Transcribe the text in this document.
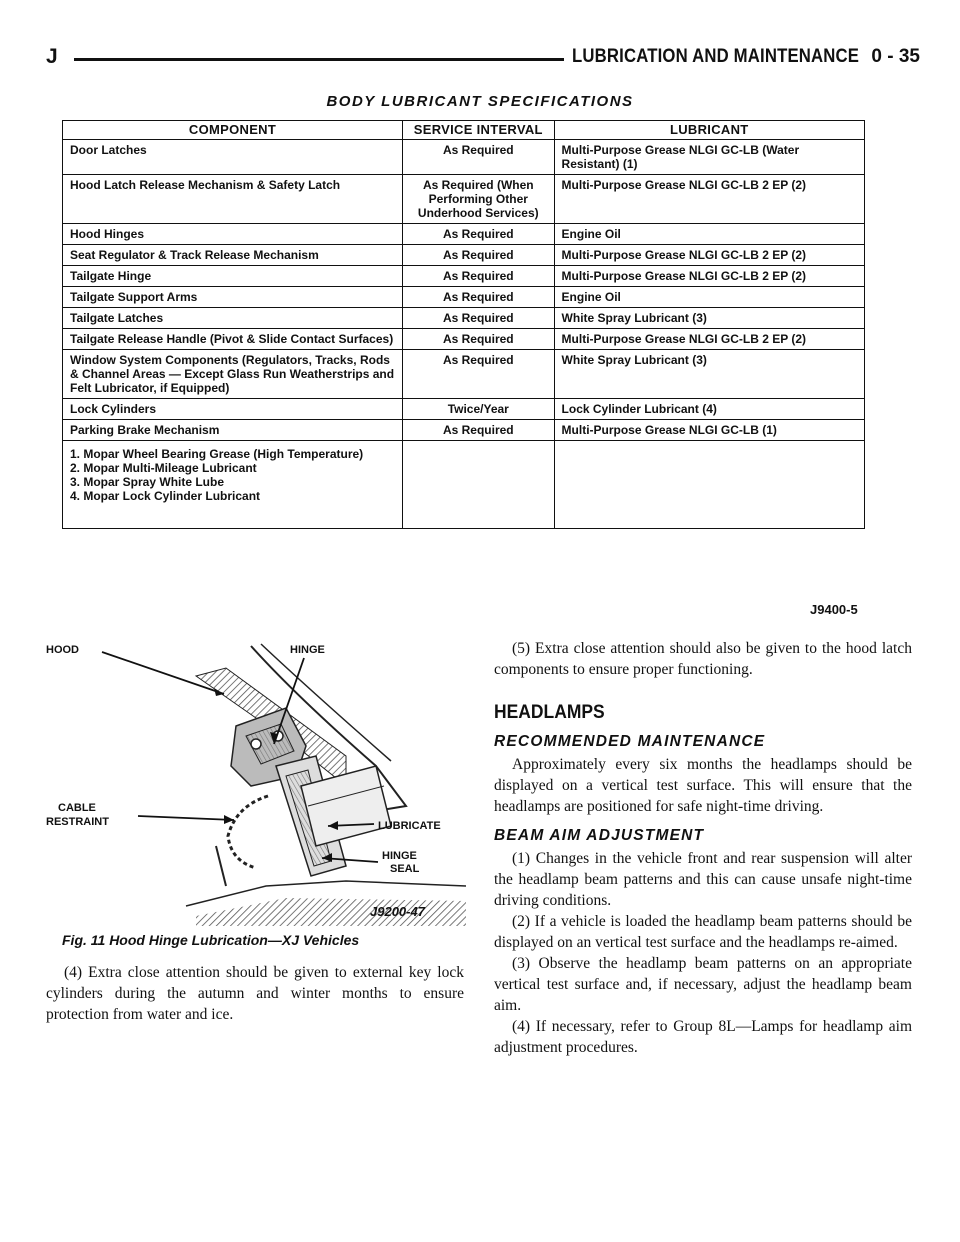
J	LUBRICATION AND MAINTENANCE 0 - 35
BODY LUBRICANT SPECIFICATIONS
COMPONENT	SERVICE INTERVAL	LUBRICANT
Door Latches	As Required	Multi-Purpose Grease NLGI GC-LB (Water Resistant) (1)
Hood Latch Release Mechanism & Safety Latch	As Required (When Performing Other Underhood Services)	Multi-Purpose Grease NLGI GC-LB 2 EP (2)
Hood Hinges	As Required	Engine Oil
Seat Regulator & Track Release Mechanism	As Required	Multi-Purpose Grease NLGI GC-LB 2 EP (2)
Tailgate Hinge	As Required	Multi-Purpose Grease NLGI GC-LB 2 EP (2)
Tailgate Support Arms	As Required	Engine Oil
Tailgate Latches	As Required	White Spray Lubricant (3)
Tailgate Release Handle (Pivot & Slide Contact Surfaces)	As Required	Multi-Purpose Grease NLGI GC-LB 2 EP (2)
Window System Components (Regulators, Tracks, Rods & Channel Areas — Except Glass Run Weatherstrips and Felt Lubricator, if Equipped)	As Required	White Spray Lubricant (3)
Lock Cylinders	Twice/Year	Lock Cylinder Lubricant (4)
Parking Brake Mechanism	As Required	Multi-Purpose Grease NLGI GC-LB (1)

1. Mopar Wheel Bearing Grease (High Temperature)
2. Mopar Multi-Mileage Lubricant
3. Mopar Spray White Lube
4. Mopar Lock Cylinder Lubricant		

J9400-5
HOOD	HINGE
LUBRICATE
CABLE
RESTRAINT
HINGE
SEAL
J9200-47
Fig. 11 Hood Hinge Lubrication—XJ Vehicles

(4) Extra close attention should be given to external key lock cylinders during the autumn and winter months to ensure protection from water and ice.

(5) Extra close attention should also be given to the hood latch components to ensure proper functioning.

HEADLAMPS
RECOMMENDED MAINTENANCE

Approximately every six months the headlamps should be displayed on a vertical test surface. This will ensure that the headlamps are positioned for safe night-time driving.

BEAM AIM ADJUSTMENT

(1) Changes in the vehicle front and rear suspension will alter the headlamp beam patterns and this can cause unsafe night-time driving conditions.

(2) If a vehicle is loaded the headlamp beam patterns should be displayed on an vertical test surface and the headlamps re-aimed.

(3) Observe the headlamp beam patterns on an appropriate vertical test surface and, if necessary, adjust the headlamp beam aim.

(4) If necessary, refer to Group 8L—Lamps for headlamp aim adjustment procedures.
